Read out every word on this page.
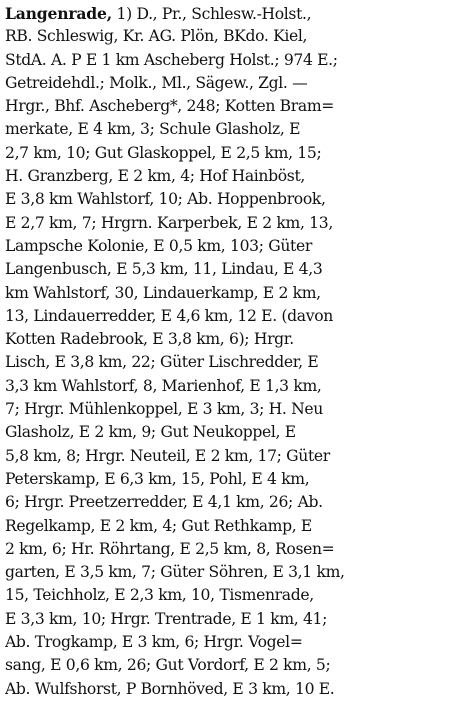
Langenrade, 1) D., Pr., Schlesw.-Holst.,
RB. Schleswig, Kr. AG. Plön, BKdo. Kiel,
StdA. A. P E 1 km Ascheberg Holst.; 974 E.;
Getreidehdl.; Molk., Ml., Sägew., Zgl. —
Hrgr., Bhf. Ascheberg*, 248; Kotten Bram=
merkate, E 4 km, 3; Schule Glasholz, E
2,7 km, 10; Gut Glaskoppel, E 2,5 km, 15;
H. Granzberg, E 2 km, 4; Hof Hainböst,
E 3,8 km Wahlstorf, 10; Ab. Hoppenbrook,
E 2,7 km, 7; Hrgrn. Karperbek, E 2 km, 13,
Lampsche Kolonie, E 0,5 km, 103; Güter
Langenbusch, E 5,3 km, 11, Lindau, E 4,3
km Wahlstorf, 30, Lindauerkamp, E 2 km,
13, Lindauerredder, E 4,6 km, 12 E. (davon
Kotten Radebrook, E 3,8 km, 6); Hrgr.
Lisch, E 3,8 km, 22; Güter Lischredder, E
3,3 km Wahlstorf, 8, Marienhof, E 1,3 km,
7; Hrgr. Mühlenkoppel, E 3 km, 3; H. Neu
Glasholz, E 2 km, 9; Gut Neukoppel, E
5,8 km, 8; Hrgr. Neuteil, E 2 km, 17; Güter
Peterskamp, E 6,3 km, 15, Pohl, E 4 km,
6; Hrgr. Preetzerredder, E 4,1 km, 26; Ab.
Regelkamp, E 2 km, 4; Gut Rethkamp, E
2 km, 6; Hr. Röhrtang, E 2,5 km, 8, Rosen=
garten, E 3,5 km, 7; Güter Söhren, E 3,1 km,
15, Teichholz, E 2,3 km, 10, Tismenrade,
E 3,3 km, 10; Hrgr. Trentrade, E 1 km, 41;
Ab. Trogkamp, E 3 km, 6; Hrgr. Vogel=
sang, E 0,6 km, 26; Gut Vordorf, E 2 km, 5;
Ab. Wulfshorst, P Bornhöved, E 3 km, 10 E.
